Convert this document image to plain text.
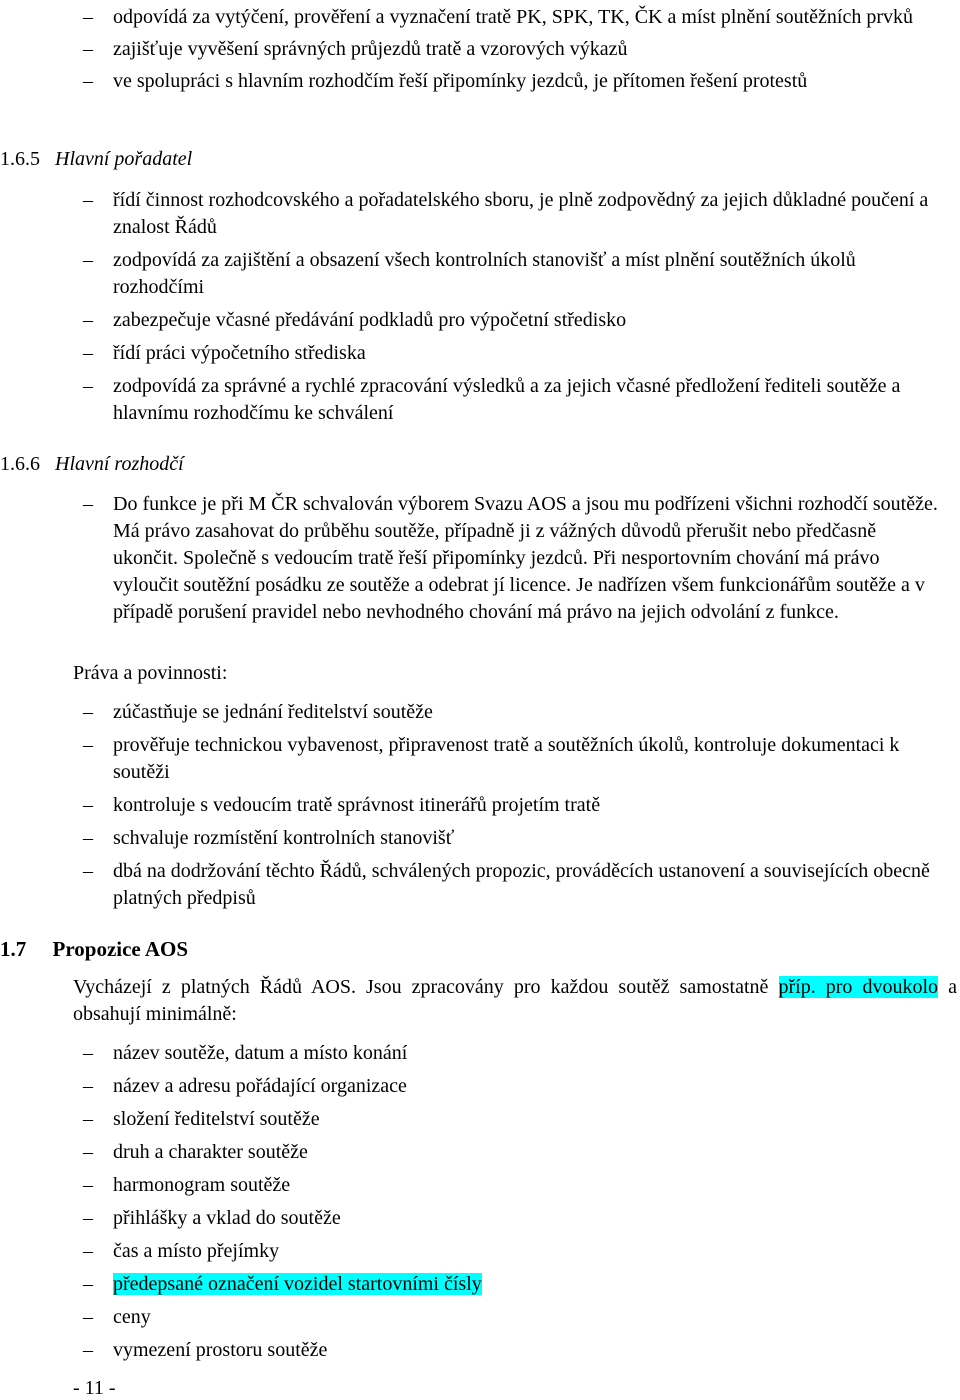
– odpovídá za vytýčení, prověření a vyznačení tratě PK, SPK, TK, ČK a míst plnění soutěžních prvků
– zajišťuje vyvěšení správných průjezdů tratě a vzorových výkazů
– ve spolupráci s hlavním rozhodčím řeší připomínky jezdců, je přítomen řešení protestů
1.6.5 Hlavní pořadatel
– řídí činnost rozhodcovského a pořadatelského sboru, je plně zodpovědný za jejich důkladné poučení a znalost Řádů
– zodpovídá za zajištění a obsazení všech kontrolních stanovišť a míst plnění soutěžních úkolů rozhodčími
– zabezpečuje včasné předávání podkladů pro výpočetní středisko
– řídí práci výpočetního střediska
– zodpovídá za správné a rychlé zpracování výsledků a za jejich včasné předložení řediteli soutěže a hlavnímu rozhodčímu ke schválení
1.6.6 Hlavní rozhodčí
– Do funkce je při M ČR schvalován výborem Svazu AOS a jsou mu podřízeni všichni rozhodčí soutěže. Má právo zasahovat do průběhu soutěže, případně ji z vážných důvodů přerušit nebo předčasně ukončit. Společně s vedoucím tratě řeší připomínky jezdců. Při nesportovním chování má právo vyloučit soutěžní posádku ze soutěže a odebrat jí licence. Je nadřízen všem funkcionářům soutěže a v případě porušení pravidel nebo nevhodného chování má právo na jejich odvolání z funkce.

Práva a povinnosti:

– zúčastňuje se jednání ředitelství soutěže
– prověřuje technickou vybavenost, připravenost tratě a soutěžních úkolů, kontroluje dokumentaci k soutěži
– kontroluje s vedoucím tratě správnost itinerářů projetím tratě
– schvaluje rozmístění kontrolních stanovišť
– dbá na dodržování těchto Řádů, schválených propozic, prováděcích ustanovení a souvisejících obecně platných předpisů
1.7 Propozice AOS

Vycházejí z platných Řádů AOS. Jsou zpracovány pro každou soutěž samostatně příp. pro dvoukolo a obsahují minimálně:

– název soutěže, datum a místo konání
– název a adresu pořádající organizace
– složení ředitelství soutěže
– druh a charakter soutěže
– harmonogram soutěže
– přihlášky a vklad do soutěže
– čas a místo přejímky
– předepsané označení vozidel startovními čísly
– ceny
– vymezení prostoru soutěže
- 11 -
